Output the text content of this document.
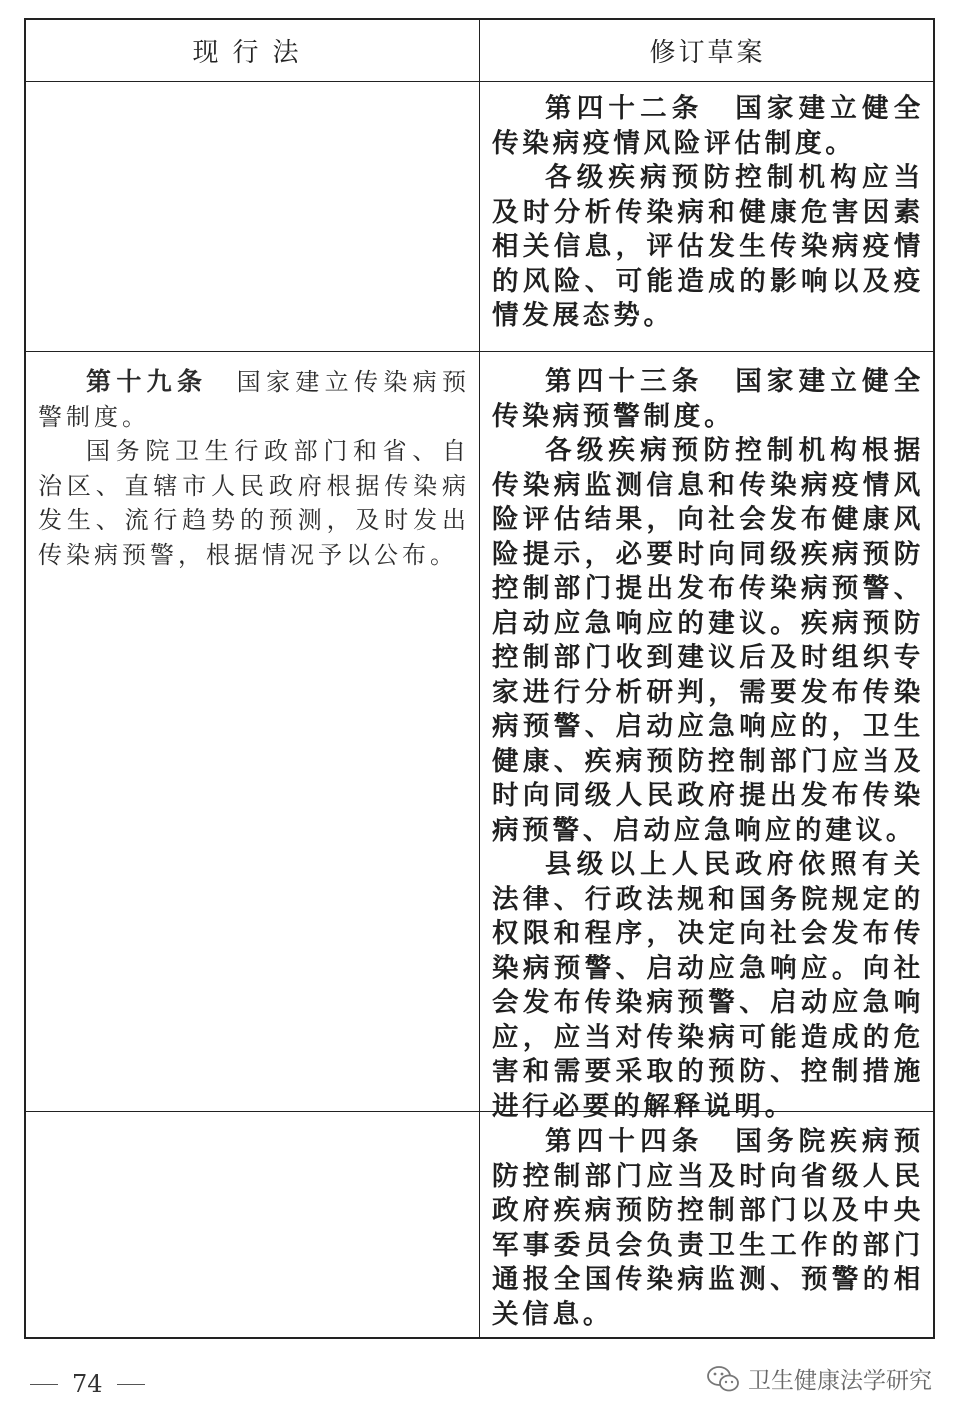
现行法	修订草案

第四十二条　国家建立健全传染病疫情风险评估制度。

各级疾病预防控制机构应当及时分析传染病和健康危害因素相关信息，评估发生传染病疫情的风险、可能造成的影响以及疫情发展态势。

第十九条　国家建立传染病预警制度。

国务院卫生行政部门和省、自治区、直辖市人民政府根据传染病发生、流行趋势的预测，及时发出传染病预警，根据情况予以公布。

第四十三条　国家建立健全传染病预警制度。

各级疾病预防控制机构根据传染病监测信息和传染病疫情风险评估结果，向社会发布健康风险提示，必要时向同级疾病预防控制部门提出发布传染病预警、启动应急响应的建议。疾病预防控制部门收到建议后及时组织专家进行分析研判，需要发布传染病预警、启动应急响应的，卫生健康、疾病预防控制部门应当及时向同级人民政府提出发布传染病预警、启动应急响应的建议。

县级以上人民政府依照有关法律、行政法规和国务院规定的权限和程序，决定向社会发布传染病预警、启动应急响应。向社会发布传染病预警、启动应急响应，应当对传染病可能造成的危害和需要采取的预防、控制措施进行必要的解释说明。

第四十四条　国务院疾病预防控制部门应当及时向省级人民政府疾病预防控制部门以及中央军事委员会负责卫生工作的部门通报全国传染病监测、预警的相关信息。

74	卫生健康法学研究
